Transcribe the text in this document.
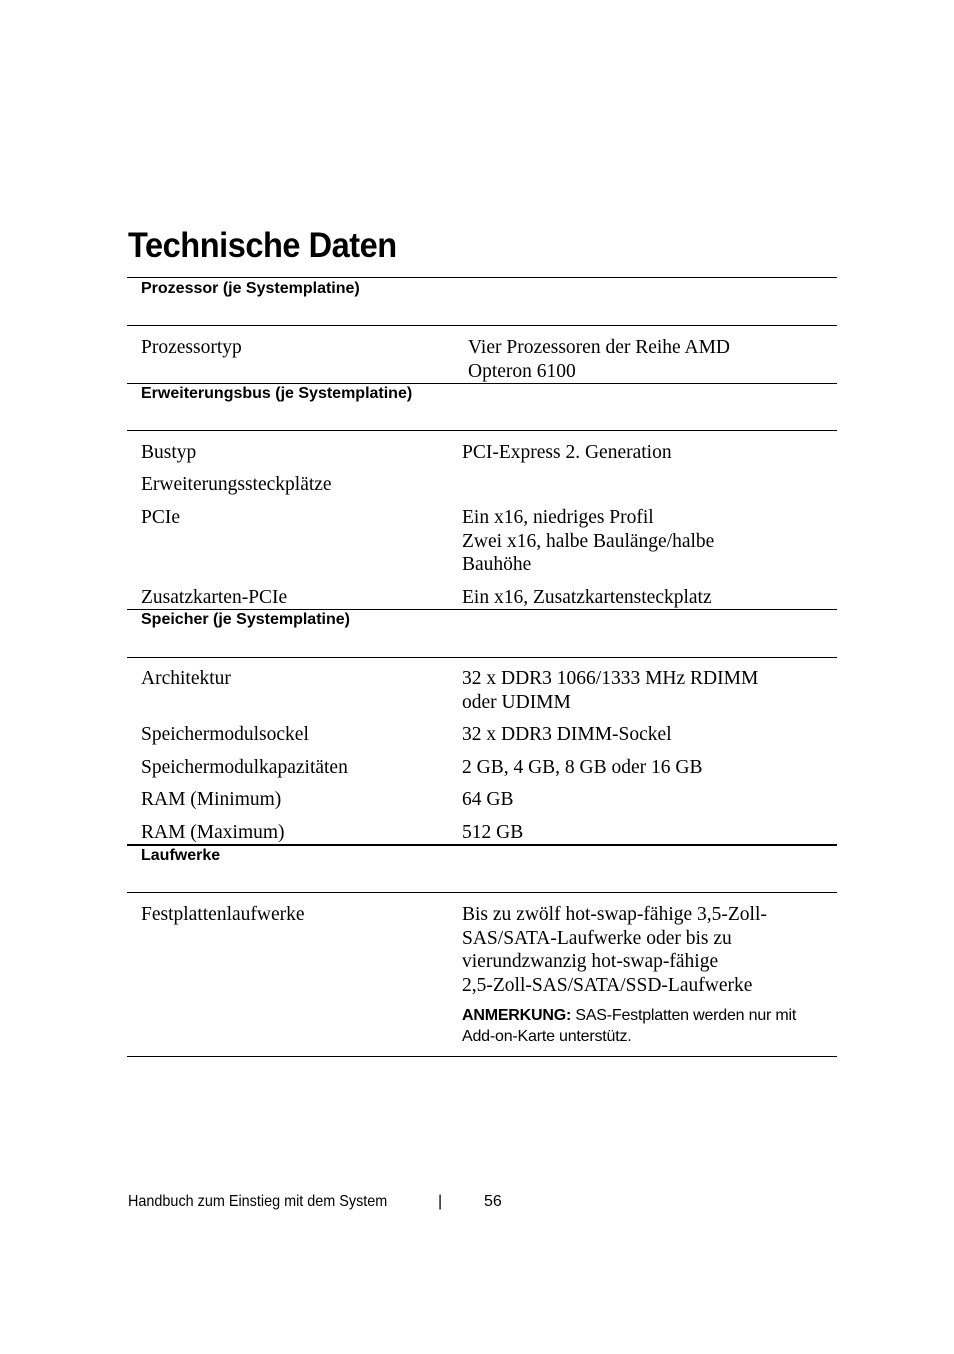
Technische Daten
Prozessor (je Systemplatine)
Prozessortyp	Vier Prozessoren der Reihe AMD
Opteron 6100
Erweiterungsbus (je Systemplatine)
Bustyp	PCI-Express 2. Generation
Erweiterungssteckplätze
PCIe	Ein x16, niedriges Profil
Zwei x16, halbe Baulänge/halbe
Bauhöhe
Zusatzkarten-PCIe	Ein x16, Zusatzkartensteckplatz
Speicher (je Systemplatine)
Architektur	32 x DDR3 1066/1333 MHz RDIMM
oder UDIMM
Speichermodulsockel	32 x DDR3 DIMM-Sockel
Speichermodulkapazitäten	2 GB, 4 GB, 8 GB oder 16 GB
RAM (Minimum)	64 GB
RAM (Maximum)	512 GB
Laufwerke
Festplattenlaufwerke	Bis zu zwölf hot-swap-fähige 3,5-Zoll-
SAS/SATA-Laufwerke oder bis zu
vierundzwanzig hot-swap-fähige
2,5-Zoll-SAS/SATA/SSD-Laufwerke
ANMERKUNG: SAS-Festplatten werden nur mit
Add-on-Karte unterstütz.
Handbuch zum Einstieg mit dem System	|	56
